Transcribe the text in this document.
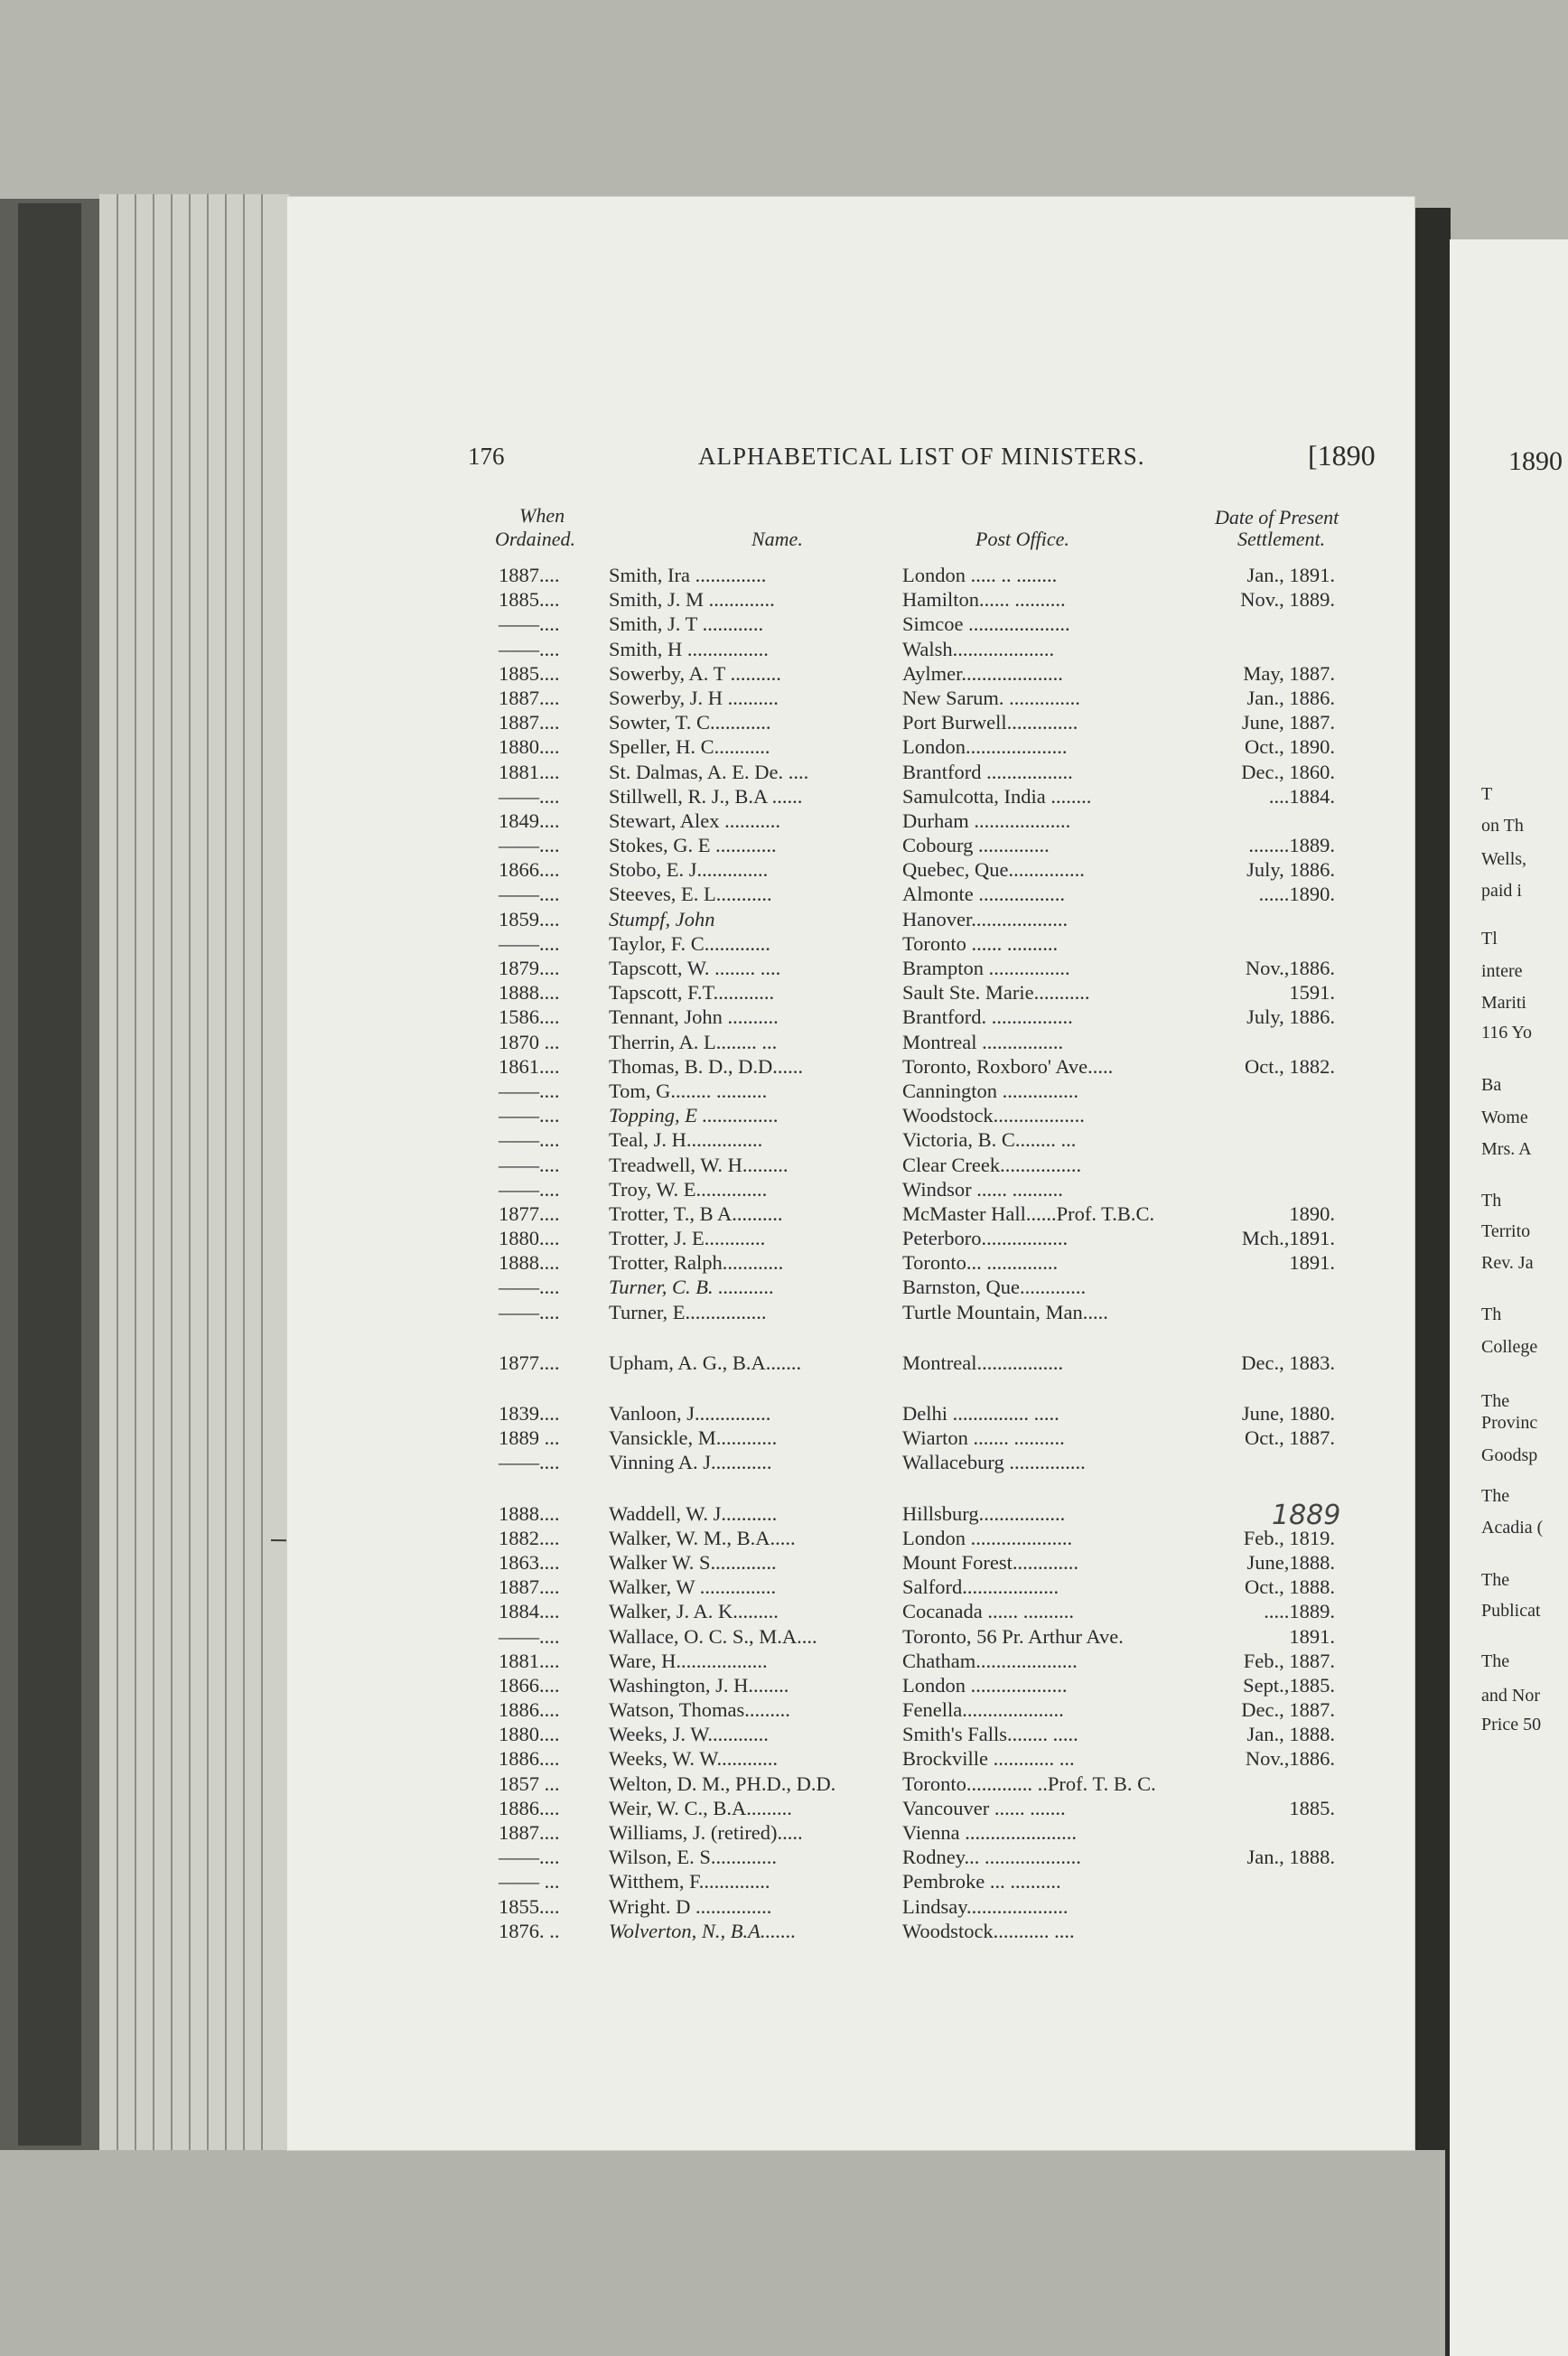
176	ALPHABETICAL LIST OF MINISTERS.	[1890	1890
When
Ordained.	Name.	Post Office.
Date of Present
Settlement.
1887.... Smith, Ira ..............	London ..... .. ........	Jan., 1891.
1885.... Smith, J. M .............	Hamilton...... ..........	Nov., 1889.
——.... Smith, J. T ............	Simcoe ....................
——.... Smith, H ................	Walsh....................
1885.... Sowerby, A. T ..........	Aylmer....................	May, 1887.
1887.... Sowerby, J. H ..........	New Sarum. ..............	Jan., 1886.
1887.... Sowter, T. C............	Port Burwell..............	June, 1887.
1880.... Speller, H. C...........	London....................	Oct., 1890.
1881.... St. Dalmas, A. E. De. ....	Brantford .................	Dec., 1860.
——.... Stillwell, R. J., B.A ......	Samulcotta, India ........	....1884.
1849.... Stewart, Alex ...........	Durham ...................
——.... Stokes, G. E ............	Cobourg ..............	........1889.
1866.... Stobo, E. J..............	Quebec, Que...............	July, 1886.
——.... Steeves, E. L...........	Almonte .................	......1890.
1859.... Stumpf, John	Hanover...................
——.... Taylor, F. C.............	Toronto ...... ..........
1879.... Tapscott, W. ........ ....	Brampton ................	Nov.,1886.
1888.... Tapscott, F.T............	Sault Ste. Marie...........	1591.
1586.... Tennant, John ..........	Brantford. ................	July, 1886.
1870 ... Therrin, A. L........ ...	Montreal ................
1861.... Thomas, B. D., D.D......	Toronto, Roxboro' Ave.....	Oct., 1882.
——.... Tom, G........ ..........	Cannington ...............
——.... Topping, E ...............	Woodstock..................
——.... Teal, J. H...............	Victoria, B. C........ ...
——.... Treadwell, W. H.........	Clear Creek................
——.... Troy, W. E..............	Windsor ...... ..........
1877.... Trotter, T., B A..........	McMaster Hall......Prof. T.B.C.	1890.
1880.... Trotter, J. E............	Peterboro.................	Mch.,1891.
1888.... Trotter, Ralph............	Toronto... ..............	1891.
——.... Turner, C. B. ...........	Barnston, Que.............
——.... Turner, E................	Turtle Mountain, Man.....
1877.... Upham, A. G., B.A.......	Montreal.................	Dec., 1883.
1839.... Vanloon, J...............	Delhi ............... .....	June, 1880.
1889 ... Vansickle, M............	Wiarton ....... ..........	Oct., 1887.
——.... Vinning A. J............	Wallaceburg ...............
1888.... Waddell, W. J...........	Hillsburg.................
1882.... Walker, W. M., B.A.....	London ....................	Feb., 1819.
1863.... Walker W. S.............	Mount Forest.............	June,1888.
1887.... Walker, W ...............	Salford...................	Oct., 1888.
1884.... Walker, J. A. K.........	Cocanada ...... ..........	.....1889.
——.... Wallace, O. C. S., M.A....	Toronto, 56 Pr. Arthur Ave.	1891.
1881.... Ware, H..................	Chatham....................	Feb., 1887.
1866.... Washington, J. H........	London ...................	Sept.,1885.
1886.... Watson, Thomas.........	Fenella....................	Dec., 1887.
1880.... Weeks, J. W............	Smith's Falls........ .....	Jan., 1888.
1886.... Weeks, W. W............	Brockville ............ ...	Nov.,1886.
1857 ... Welton, D. M., PH.D., D.D.	Toronto............. ..Prof. T. B. C.
1886.... Weir, W. C., B.A.........	Vancouver ...... .......	1885.
1887.... Williams, J. (retired).....	Vienna ......................
——.... Wilson, E. S.............	Rodney... ...................	Jan., 1888.
—— ... Witthem, F..............	Pembroke ... ..........
1855.... Wright. D ...............	Lindsay....................
1876. .. Wolverton, N., B.A.......	Woodstock........... ....
1889
T
on Th
Wells,
paid i
Tl
intere
Mariti
116 Yo
Ba
Wome
Mrs. A
Th
Territo
Rev. Ja
Th
College
The
Provinc
Goodsp
The
Acadia (
The
Publicat
The
and Nor
Price 50
